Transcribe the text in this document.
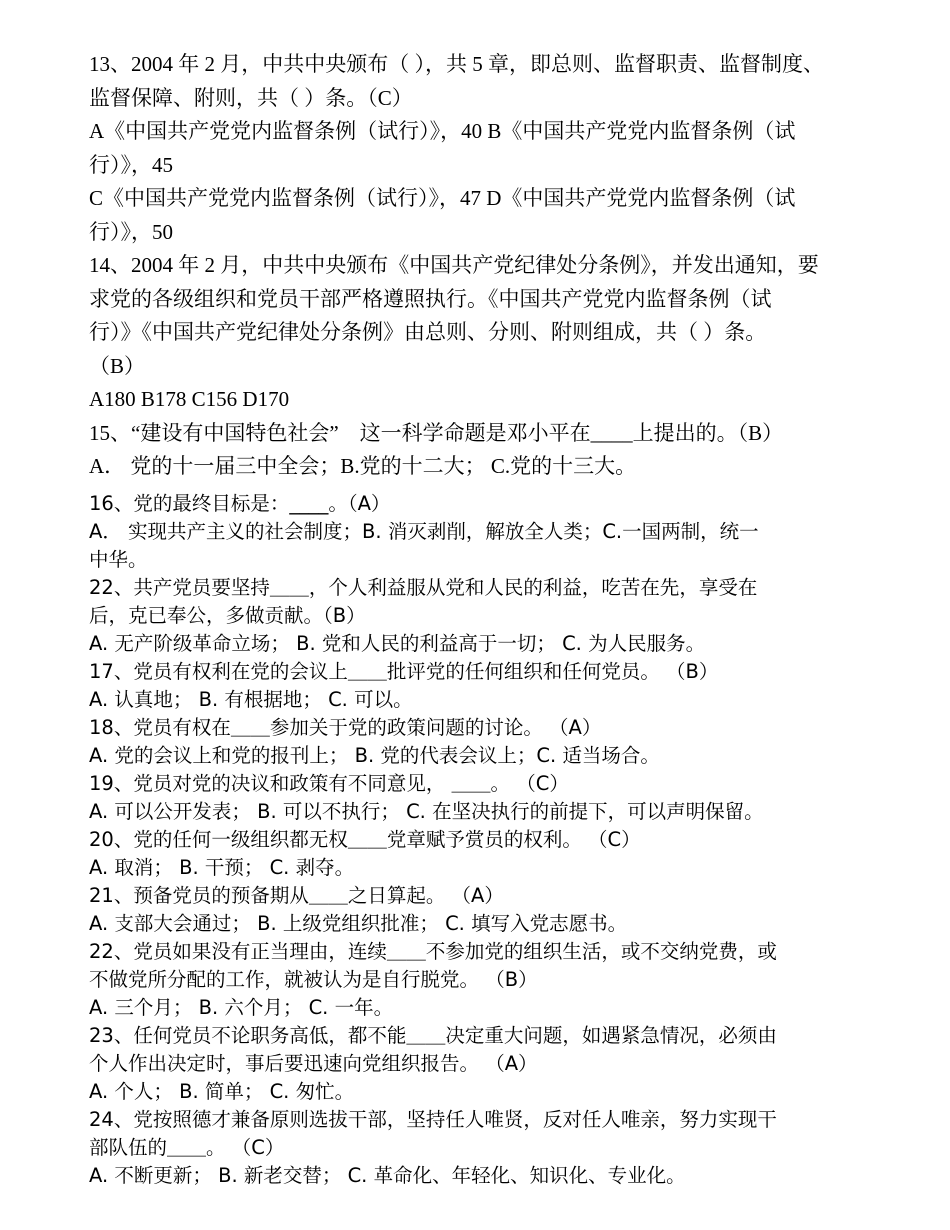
13、2004 年 2 月，中共中央颁布（ ），共 5 章，即总则、监督职责、监督制度、

监督保障、附则，共（ ）条。（C）

A《中国共产党党内监督条例（试行）》，40 B《中国共产党党内监督条例（试

行）》，45

C《中国共产党党内监督条例（试行）》，47 D《中国共产党党内监督条例（试

行）》，50

14、2004 年 2 月，中共中央颁布《中国共产党纪律处分条例》，并发出通知，要

求党的各级组织和党员干部严格遵照执行。《中国共产党党内监督条例（试

行）》《中国共产党纪律处分条例》由总则、分则、附则组成，共（ ）条。

（B）

A180 B178 C156 D170

15、“建设有中国特色社会”　这一科学命题是邓小平在____上提出的。（B）

A． 党的十一届三中全会；B.党的十二大； C.党的十三大。

16、党的最终目标是：____。（A）

A． 实现共产主义的社会制度；B. 消灭剥削，解放全人类；C.一国两制，统一

中华。

22、共产党员要坚持＿＿，个人利益服从党和人民的利益，吃苦在先，享受在

后，克已奉公，多做贡献。（B）

A. 无产阶级革命立场； B. 党和人民的利益高于一切； C. 为人民服务。

17、党员有权利在党的会议上＿＿批评党的任何组织和任何党员。 （B）

A. 认真地； B. 有根据地； C. 可以。

18、党员有权在＿＿参加关于党的政策问题的讨论。 （A）

A. 党的会议上和党的报刊上； B. 党的代表会议上；C. 适当场合。

19、党员对党的决议和政策有不同意见， ＿＿。 （C）

A. 可以公开发表； B. 可以不执行； C. 在坚决执行的前提下，可以声明保留。

20、党的任何一级组织都无权＿＿党章赋予赏员的权利。 （C）

A. 取消； B. 干预； C. 剥夺。

21、预备党员的预备期从＿＿之日算起。 （A）

A. 支部大会通过； B. 上级党组织批准； C. 填写入党志愿书。

22、党员如果没有正当理由，连续＿＿不参加党的组织生活，或不交纳党费，或

不做党所分配的工作，就被认为是自行脱党。 （B）

A. 三个月； B. 六个月； C. 一年。

23、任何党员不论职务高低，都不能＿＿决定重大问题，如遇紧急情况，必须由

个人作出决定时，事后要迅速向党组织报告。 （A）

A. 个人； B. 简单； C. 匆忙。

24、党按照德才兼备原则选拔干部，坚持任人唯贤，反对任人唯亲，努力实现干

部队伍的＿＿。 （C）

A. 不断更新； B. 新老交替； C. 革命化、年轻化、知识化、专业化。
